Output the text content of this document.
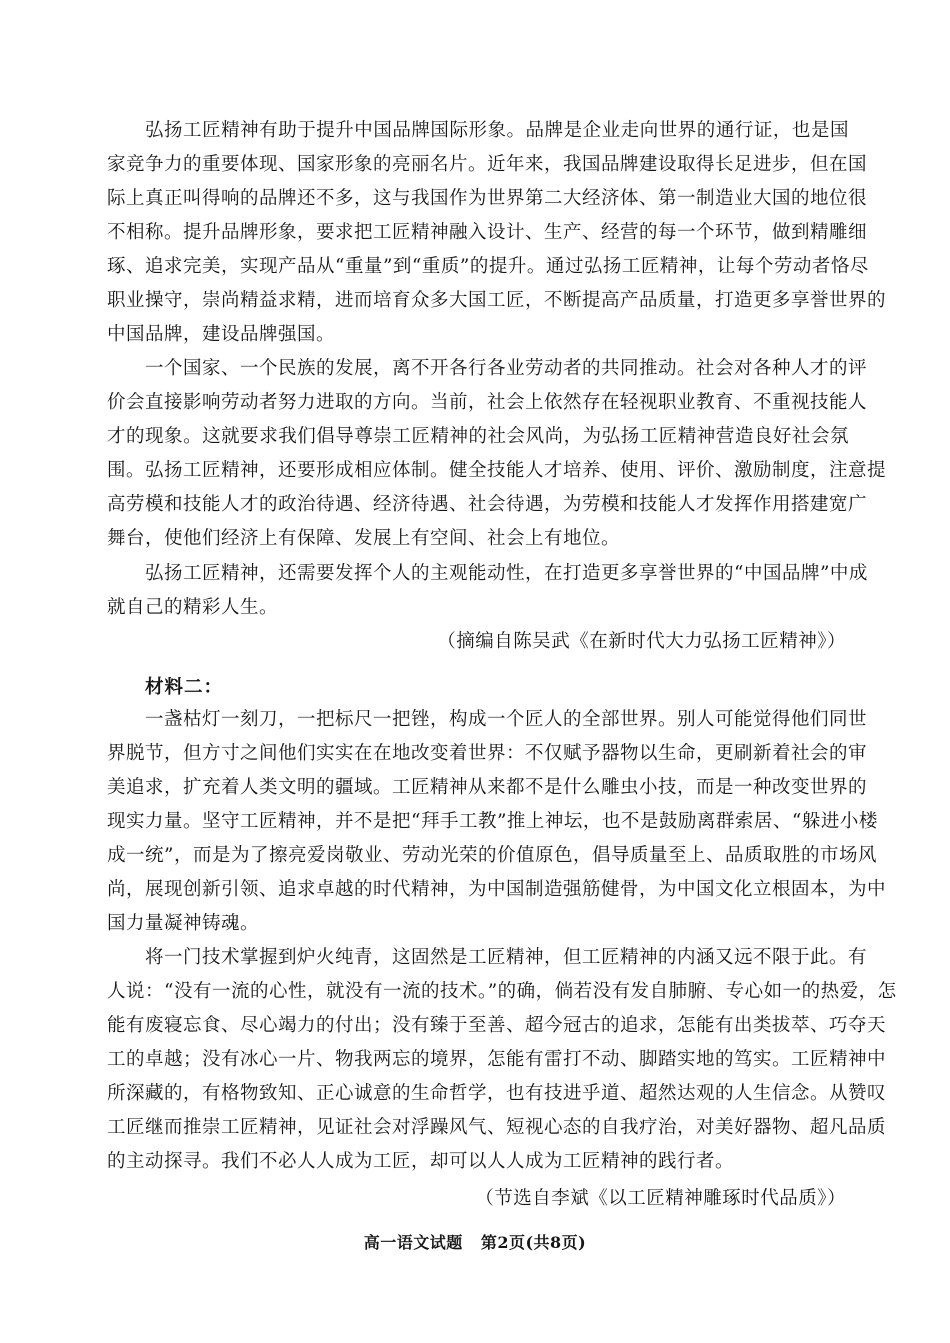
弘扬工匠精神有助于提升中国品牌国际形象。品牌是企业走向世界的通行证，也是国
家竞争力的重要体现、国家形象的亮丽名片。近年来，我国品牌建设取得长足进步，但在国
际上真正叫得响的品牌还不多，这与我国作为世界第二大经济体、第一制造业大国的地位很
不相称。提升品牌形象，要求把工匠精神融入设计、生产、经营的每一个环节，做到精雕细
琢、追求完美，实现产品从“重量”到“重质”的提升。通过弘扬工匠精神，让每个劳动者恪尽
职业操守，崇尚精益求精，进而培育众多大国工匠，不断提高产品质量，打造更多享誉世界的
中国品牌，建设品牌强国。
一个国家、一个民族的发展，离不开各行各业劳动者的共同推动。社会对各种人才的评
价会直接影响劳动者努力进取的方向。当前，社会上依然存在轻视职业教育、不重视技能人
才的现象。这就要求我们倡导尊崇工匠精神的社会风尚，为弘扬工匠精神营造良好社会氛
围。弘扬工匠精神，还要形成相应体制。健全技能人才培养、使用、评价、激励制度，注意提
高劳模和技能人才的政治待遇、经济待遇、社会待遇，为劳模和技能人才发挥作用搭建宽广
舞台，使他们经济上有保障、发展上有空间、社会上有地位。
弘扬工匠精神，还需要发挥个人的主观能动性，在打造更多享誉世界的“中国品牌”中成
就自己的精彩人生。
（摘编自陈吴武《在新时代大力弘扬工匠精神》）
材料二：
一盏枯灯一刻刀，一把标尺一把锉，构成一个匠人的全部世界。别人可能觉得他们同世
界脱节，但方寸之间他们实实在在地改变着世界：不仅赋予器物以生命，更刷新着社会的审
美追求，扩充着人类文明的疆域。工匠精神从来都不是什么雕虫小技，而是一种改变世界的
现实力量。坚守工匠精神，并不是把“拜手工教”推上神坛，也不是鼓励离群索居、“躲进小楼
成一统”，而是为了擦亮爱岗敬业、劳动光荣的价值原色，倡导质量至上、品质取胜的市场风
尚，展现创新引领、追求卓越的时代精神，为中国制造强筋健骨，为中国文化立根固本，为中
国力量凝神铸魂。
将一门技术掌握到炉火纯青，这固然是工匠精神，但工匠精神的内涵又远不限于此。有
人说：“没有一流的心性，就没有一流的技术。”的确，倘若没有发自肺腑、专心如一的热爱，怎
能有废寝忘食、尽心竭力的付出；没有臻于至善、超今冠古的追求，怎能有出类拔萃、巧夺天
工的卓越；没有冰心一片、物我两忘的境界，怎能有雷打不动、脚踏实地的笃实。工匠精神中
所深藏的，有格物致知、正心诚意的生命哲学，也有技进乎道、超然达观的人生信念。从赞叹
工匠继而推崇工匠精神，见证社会对浮躁风气、短视心态的自我疗治，对美好器物、超凡品质
的主动探寻。我们不必人人成为工匠，却可以人人成为工匠精神的践行者。
（节选自李斌《以工匠精神雕琢时代品质》）
高一语文试题 第2页(共8页)
